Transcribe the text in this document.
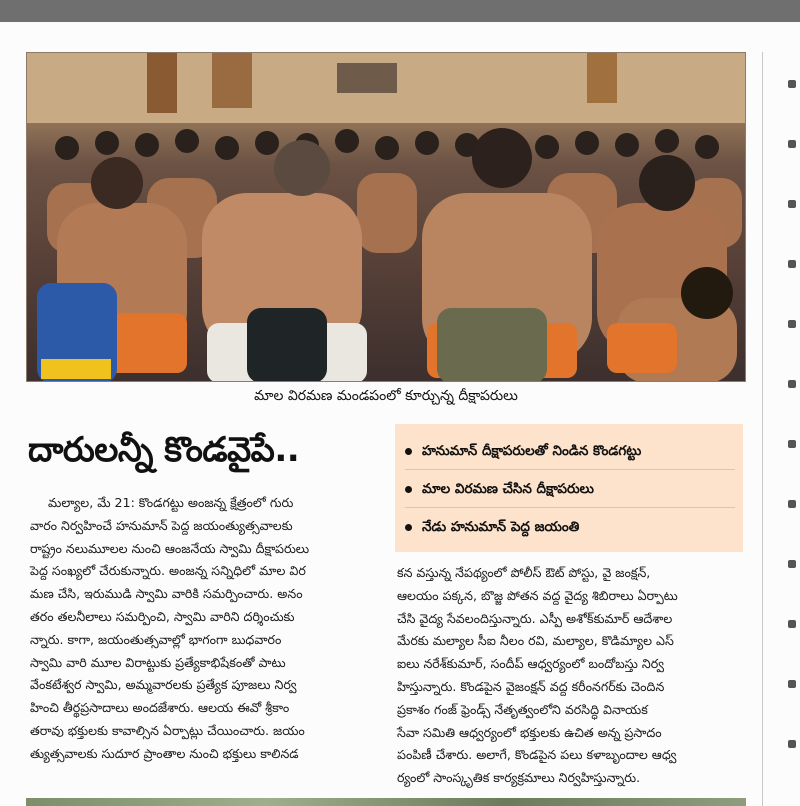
మాల విరమణ మండపంలో కూర్చున్న దీక్షాపరులు
దారులన్నీ కొండవైపే..	హనుమాన్ దీక్షాపరులతో నిండిన కొండగట్టు
మాల విరమణ చేసిన దీక్షాపరులు
నేడు హనుమాన్ పెద్ద జయంతి

మల్యాల, మే 21: కొండగట్టు అంజన్న క్షేత్రంలో గురు

వారం నిర్వహించే హనుమాన్ పెద్ద జయంత్యుత్సవాలకు

రాష్ట్రం నలుమూలల నుంచి ఆంజనేయ స్వామి దీక్షాపరులు

పెద్ద సంఖ్యలో చేరుకున్నారు. అంజన్న సన్నిధిలో మాల విర

మణ చేసి, ఇరుముడి స్వామి వారికి సమర్పించారు. అనం

తరం తలనీలాలు సమర్పించి, స్వామి వారిని దర్శించుకు

న్నారు. కాగా, జయంతుత్సవాల్లో భాగంగా బుధవారం

స్వామి వారి మూల విరాట్టుకు ప్రత్యేకాభిషేకంతో పాటు

వేంకటేశ్వర స్వామి, అమ్మవారలకు ప్రత్యేక పూజలు నిర్వ

హించి తీర్థప్రసాదాలు అందజేశారు. ఆలయ ఈవో శ్రీకాం

తరావు భక్తులకు కావాల్సిన ఏర్పాట్లు చేయించారు. జయం

త్యుత్సవాలకు సుదూర ప్రాంతాల నుంచి భక్తులు కాలినడ

కన వస్తున్న నేపథ్యంలో పోలీస్ ఔట్ పోస్టు, వై జంక్షన్,

ఆలయం పక్కన, బొజ్జ పోతన వద్ద వైద్య శిబిరాలు ఏర్పాటు

చేసి వైద్య సేవలందిస్తున్నారు. ఎస్పీ అశోక్‌కుమార్ ఆదేశాల

మేరకు మల్యాల సీఐ నీలం రవి, మల్యాల, కొడిమ్యాల ఎస్

ఐలు నరేశ్‌కుమార్, సందీప్ ఆధ్వర్యంలో బందోబస్తు నిర్వ

హిస్తున్నారు. కొండపైన వైజంక్షన్ వద్ద కరీంనగర్‌కు చెందిన

ప్రకాశం గంజ్ ఫ్రెండ్స్ నేతృత్వంలోని వరసిద్ధి వినాయక

సేవా సమితి ఆధ్వర్యంలో భక్తులకు ఉచిత అన్న ప్రసాదం

పంపిణీ చేశారు. అలాగే, కొండపైన పలు కళాబృందాల ఆధ్వ

ర్యంలో సాంస్కృతిక కార్యక్రమాలు నిర్వహిస్తున్నారు.
